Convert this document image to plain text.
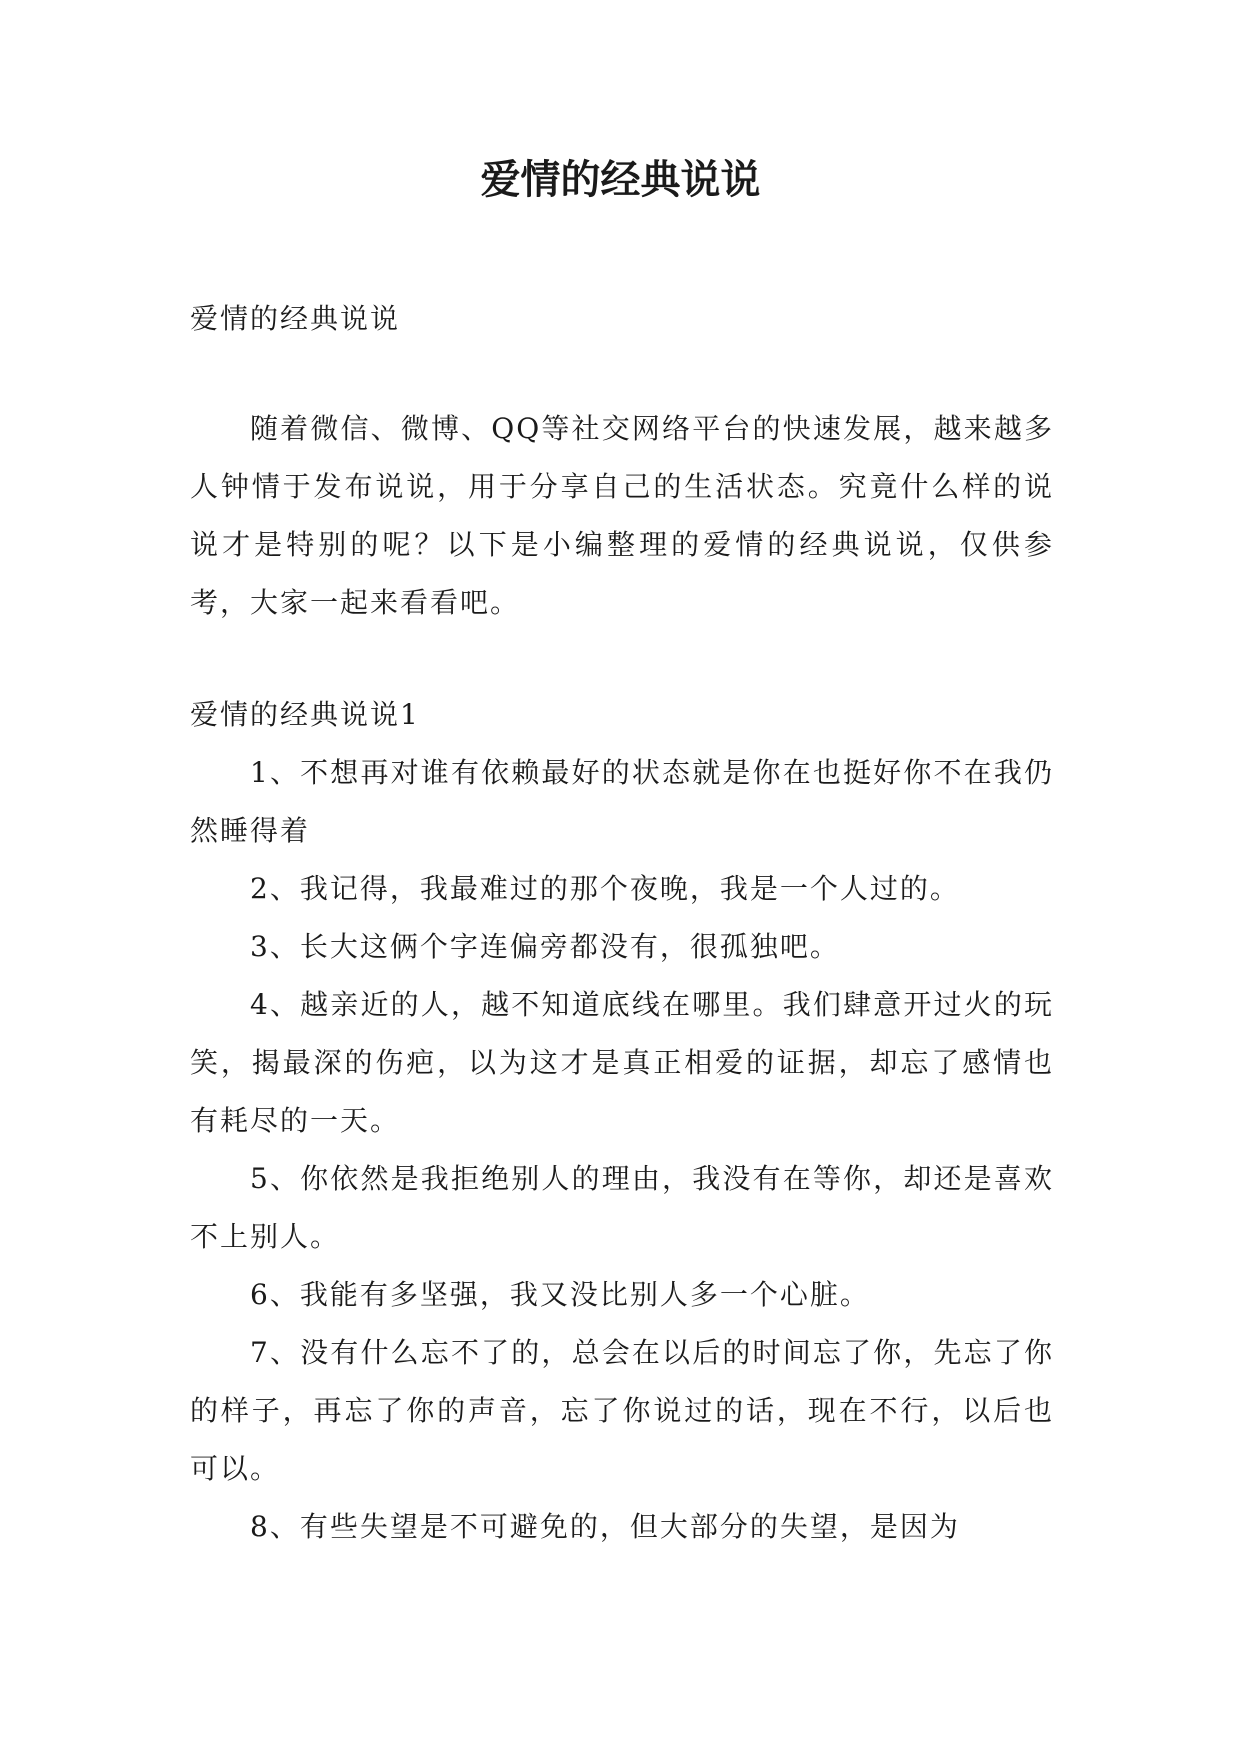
爱情的经典说说

爱情的经典说说

随着微信、微博、QQ等社交网络平台的快速发展，越来越多人钟情于发布说说，用于分享自己的生活状态。究竟什么样的说说才是特别的呢？以下是小编整理的爱情的经典说说，仅供参考，大家一起来看看吧。

爱情的经典说说1

1、不想再对谁有依赖最好的状态就是你在也挺好你不在我仍然睡得着

2、我记得，我最难过的那个夜晚，我是一个人过的。

3、长大这俩个字连偏旁都没有，很孤独吧。

4、越亲近的人，越不知道底线在哪里。我们肆意开过火的玩笑，揭最深的伤疤，以为这才是真正相爱的证据，却忘了感情也有耗尽的一天。

5、你依然是我拒绝别人的理由，我没有在等你，却还是喜欢不上别人。

6、我能有多坚强，我又没比别人多一个心脏。

7、没有什么忘不了的，总会在以后的时间忘了你，先忘了你的样子，再忘了你的声音，忘了你说过的话，现在不行，以后也可以。

8、有些失望是不可避免的，但大部分的失望，是因为
